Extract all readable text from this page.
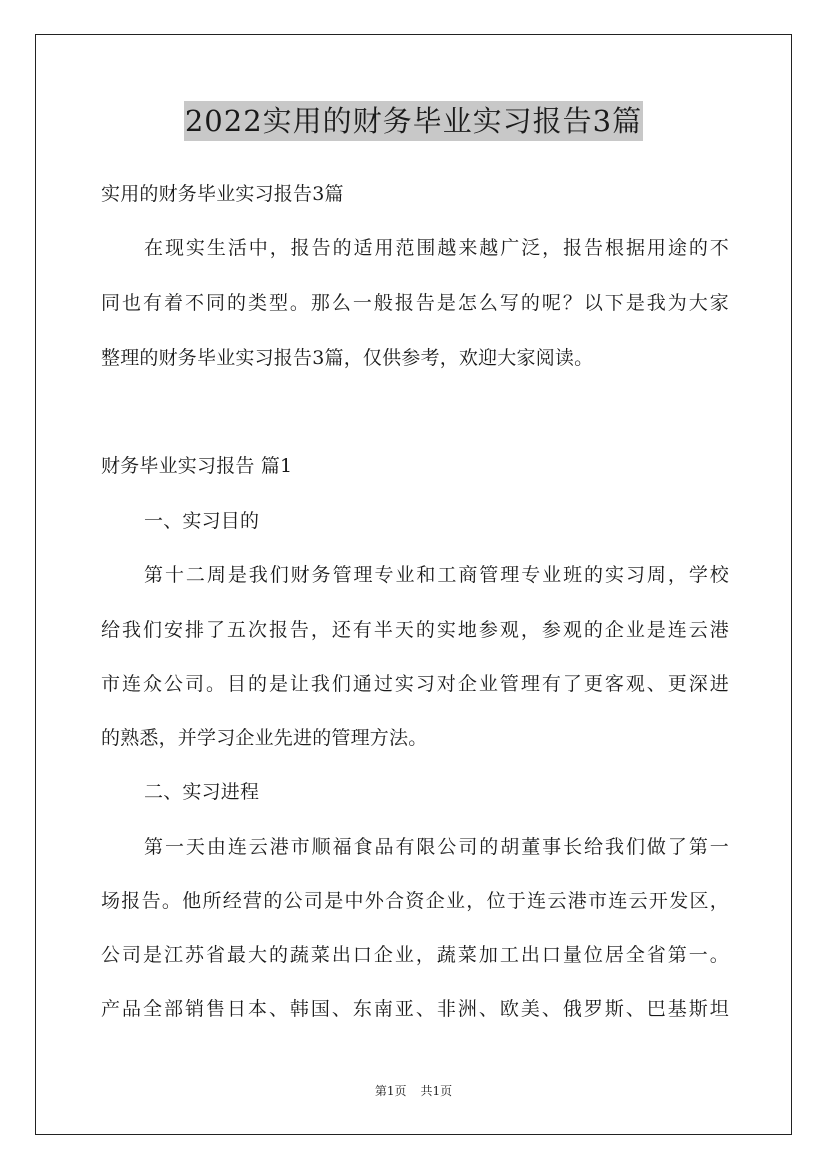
2022实用的财务毕业实习报告3篇

实用的财务毕业实习报告3篇

在现实生活中，报告的适用范围越来越广泛，报告根据用途的不

同也有着不同的类型。那么一般报告是怎么写的呢？以下是我为大家

整理的财务毕业实习报告3篇，仅供参考，欢迎大家阅读。

财务毕业实习报告 篇1

一、实习目的

第十二周是我们财务管理专业和工商管理专业班的实习周，学校

给我们安排了五次报告，还有半天的实地参观，参观的企业是连云港

市连众公司。目的是让我们通过实习对企业管理有了更客观、更深进

的熟悉，并学习企业先进的管理方法。

二、实习进程

第一天由连云港市顺福食品有限公司的胡董事长给我们做了第一

场报告。他所经营的公司是中外合资企业，位于连云港市连云开发区，

公司是江苏省最大的蔬菜出口企业，蔬菜加工出口量位居全省第一。

产品全部销售日本、韩国、东南亚、非洲、欧美、俄罗斯、巴基斯坦

第1页 共1页
